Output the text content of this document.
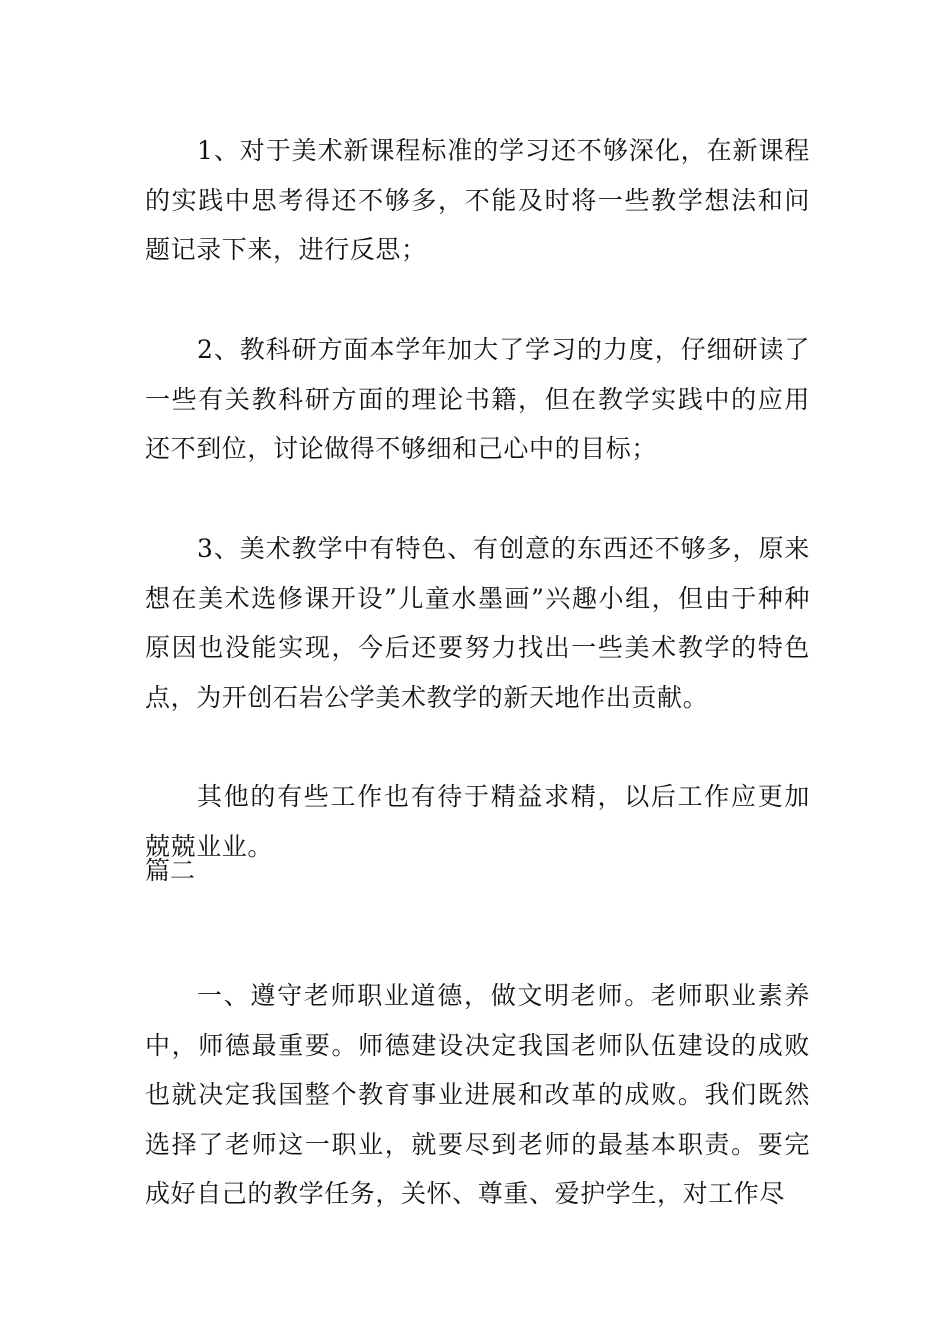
1、对于美术新课程标准的学习还不够深化，在新课程的实践中思考得还不够多，不能及时将一些教学想法和问题记录下来，进行反思；

2、教科研方面本学年加大了学习的力度，仔细研读了一些有关教科研方面的理论书籍，但在教学实践中的应用还不到位，讨论做得不够细和己心中的目标；

3、美术教学中有特色、有创意的东西还不够多，原来想在美术选修课开设”儿童水墨画”兴趣小组，但由于种种原因也没能实现，今后还要努力找出一些美术教学的特色点，为开创石岩公学美术教学的新天地作出贡献。

其他的有些工作也有待于精益求精，以后工作应更加兢兢业业。

篇二

一、遵守老师职业道德，做文明老师。老师职业素养中，师德最重要。师德建设决定我国老师队伍建设的成败也就决定我国整个教育事业进展和改革的成败。我们既然选择了老师这一职业，就要尽到老师的最基本职责。要完成好自己的教学任务，关怀、尊重、爱护学生，对工作尽
